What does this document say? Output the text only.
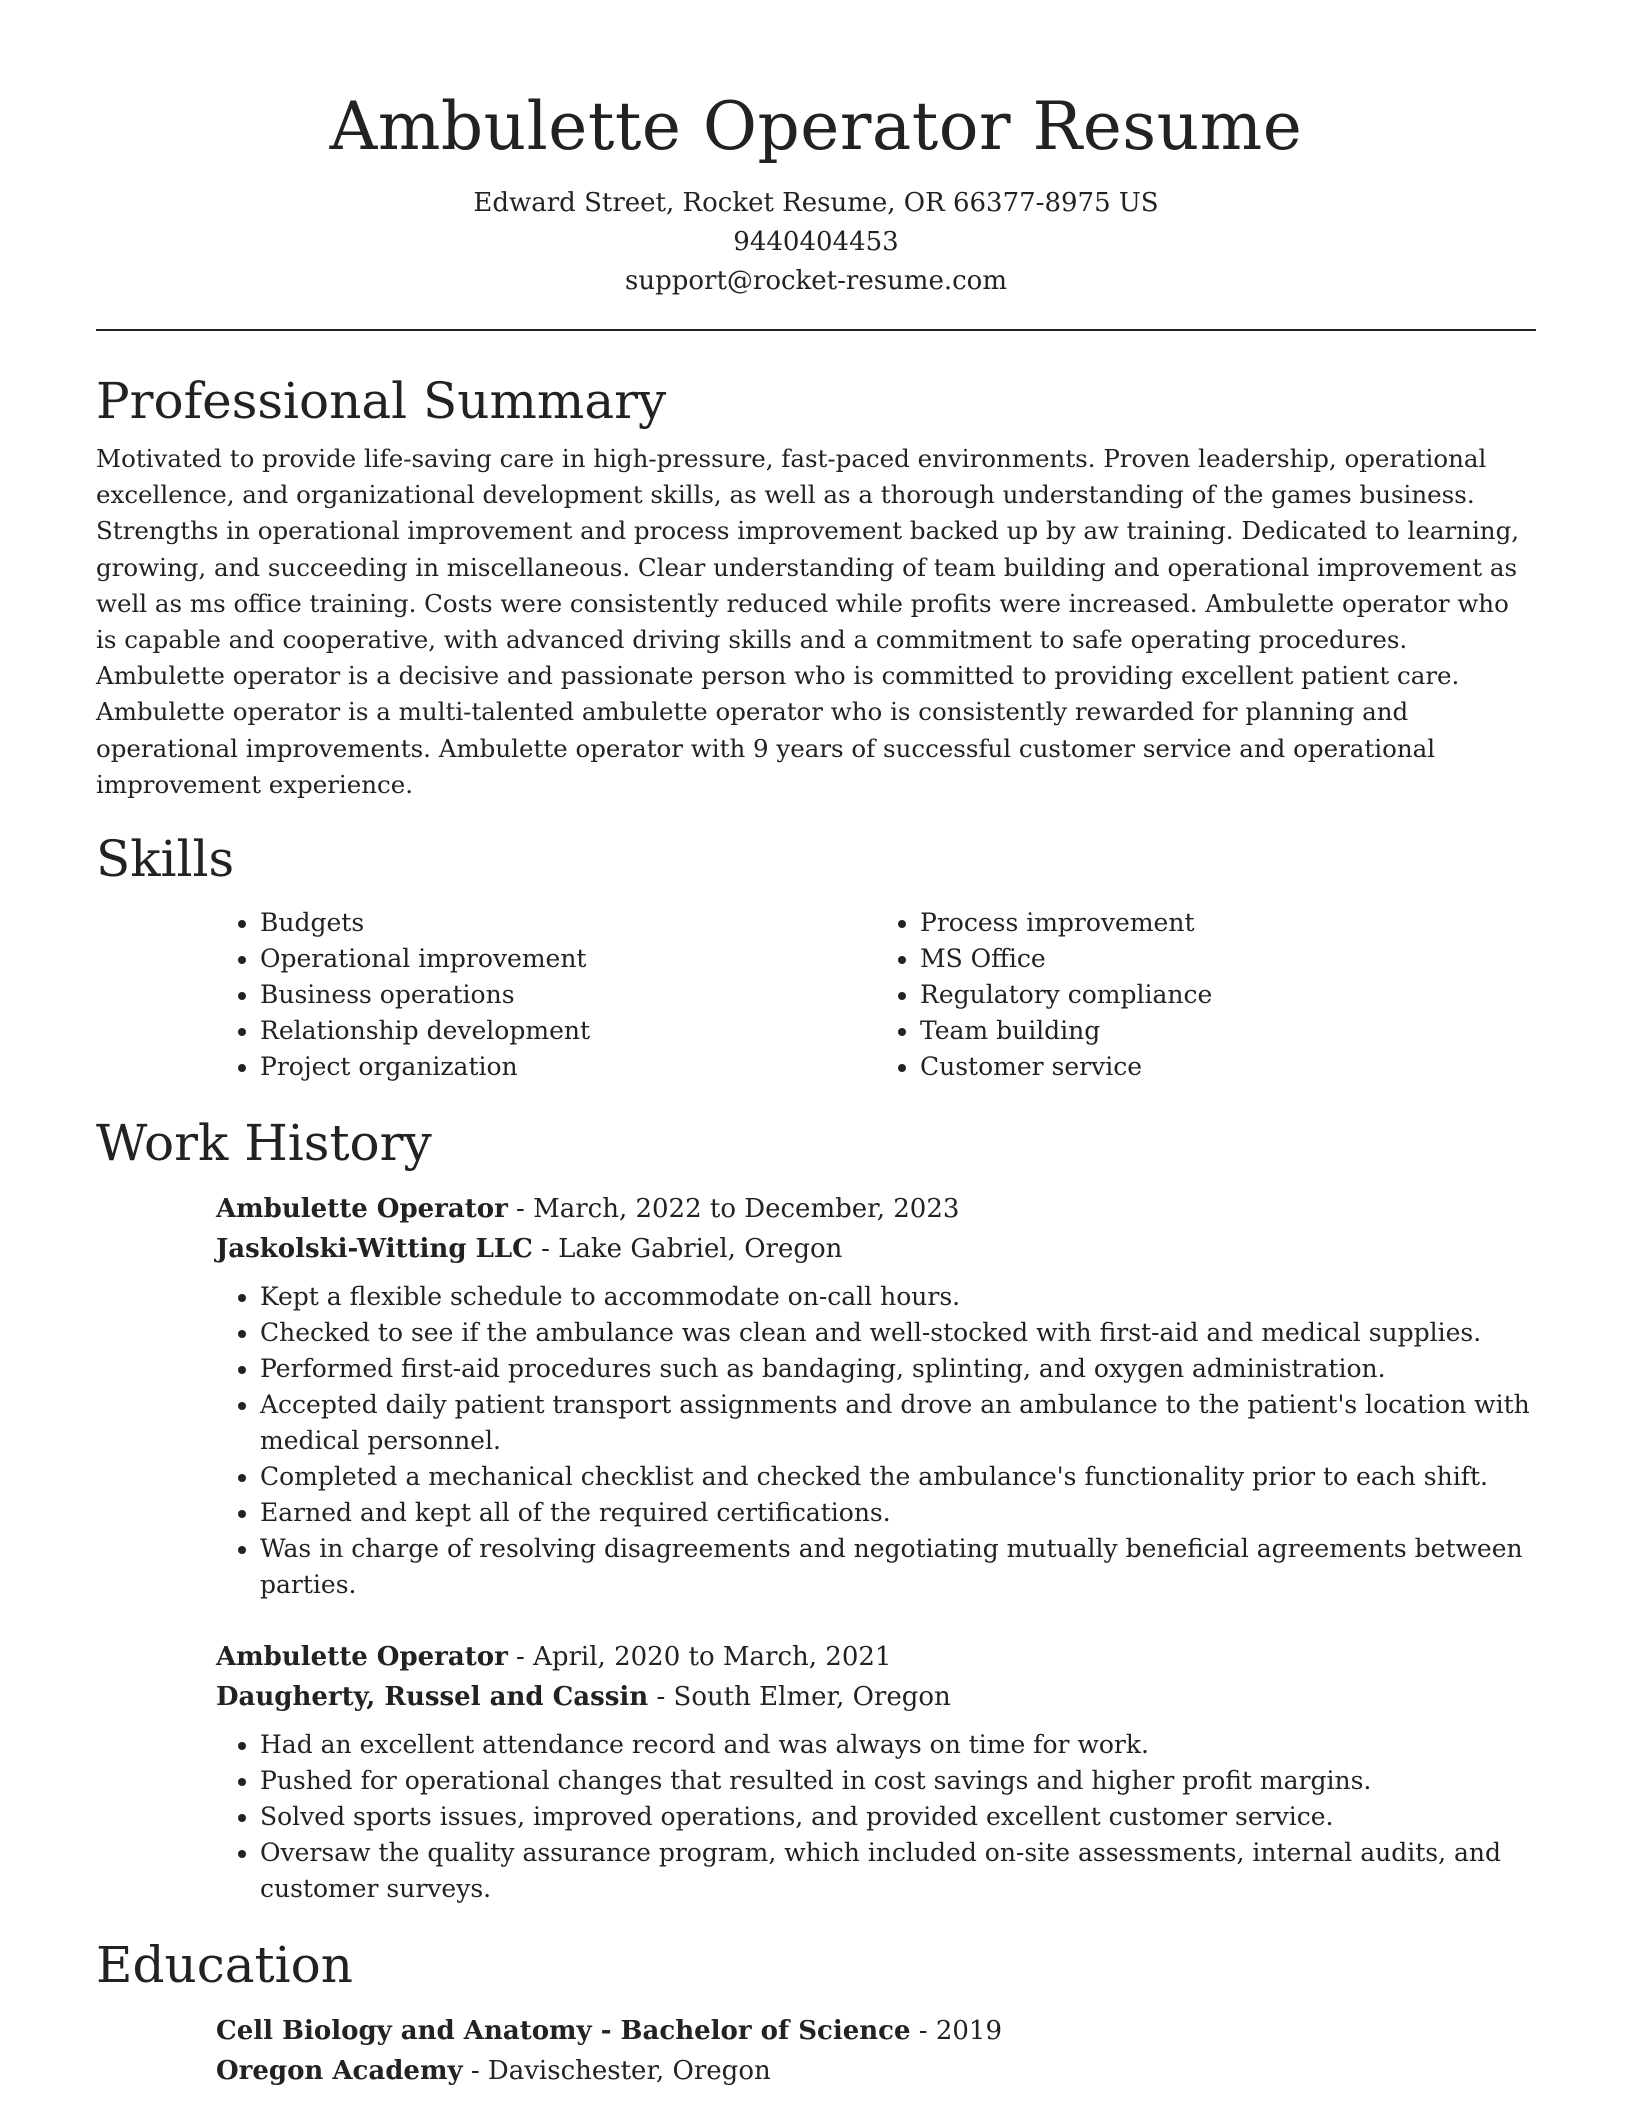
Ambulette Operator Resume
Edward Street, Rocket Resume, OR 66377-8975 US
9440404453
support@rocket-resume.com
Professional Summary

Motivated to provide life-saving care in high-pressure, fast-paced environments. Proven leadership, operational excellence, and organizational development skills, as well as a thorough understanding of the games business. Strengths in operational improvement and process improvement backed up by aw training. Dedicated to learning, growing, and succeeding in miscellaneous. Clear understanding of team building and operational improvement as well as ms office training. Costs were consistently reduced while profits were increased. Ambulette operator who is capable and cooperative, with advanced driving skills and a commitment to safe operating procedures. Ambulette operator is a decisive and passionate person who is committed to providing excellent patient care. Ambulette operator is a multi-talented ambulette operator who is consistently rewarded for planning and operational improvements. Ambulette operator with 9 years of successful customer service and operational improvement experience.

Skills
• Budgets
• Operational improvement
• Business operations
• Relationship development
• Project organization
• Process improvement
• MS Office
• Regulatory compliance
• Team building
• Customer service
Work History
Ambulette Operator - March, 2022 to December, 2023
Jaskolski-Witting LLC - Lake Gabriel, Oregon
• Kept a flexible schedule to accommodate on-call hours.
• Checked to see if the ambulance was clean and well-stocked with first-aid and medical supplies.
• Performed first-aid procedures such as bandaging, splinting, and oxygen administration.
• Accepted daily patient transport assignments and drove an ambulance to the patient's location with medical personnel.
• Completed a mechanical checklist and checked the ambulance's functionality prior to each shift.
• Earned and kept all of the required certifications.
• Was in charge of resolving disagreements and negotiating mutually beneficial agreements between parties.
Ambulette Operator - April, 2020 to March, 2021
Daugherty, Russel and Cassin - South Elmer, Oregon
• Had an excellent attendance record and was always on time for work.
• Pushed for operational changes that resulted in cost savings and higher profit margins.
• Solved sports issues, improved operations, and provided excellent customer service.
• Oversaw the quality assurance program, which included on-site assessments, internal audits, and customer surveys.
Education
Cell Biology and Anatomy - Bachelor of Science - 2019
Oregon Academy - Davischester, Oregon
